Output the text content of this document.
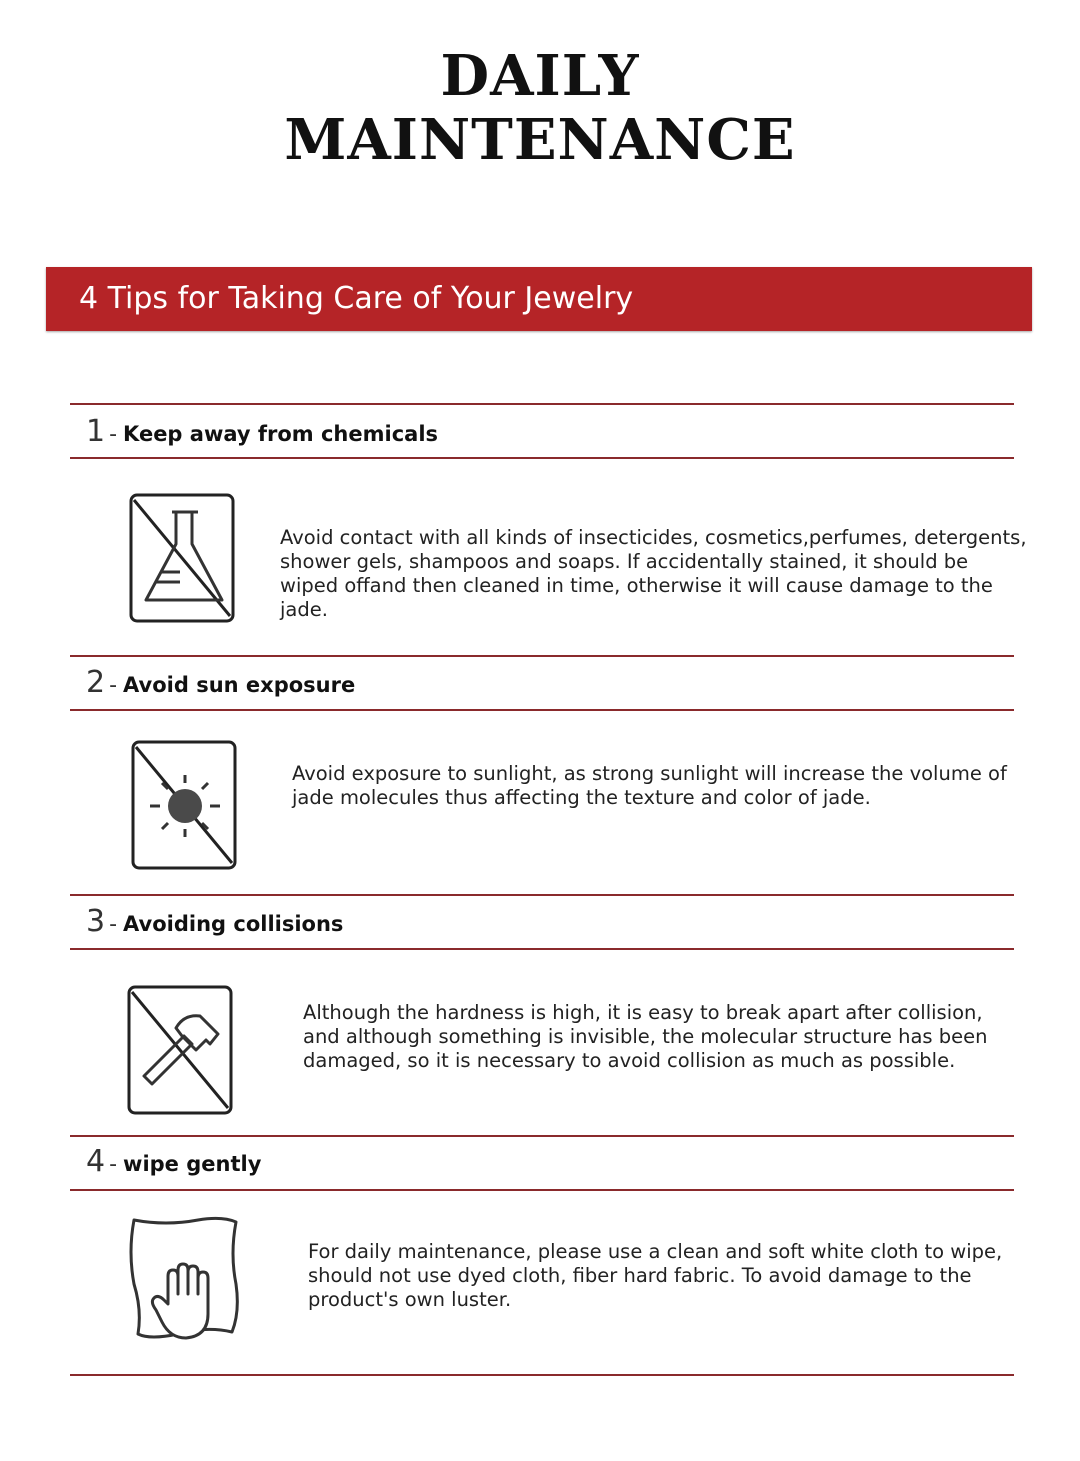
DAILY
MAINTENANCE
4 Tips for Taking Care of Your Jewelry
1 - Keep away from chemicals
Avoid contact with all kinds of insecticides, cosmetics,perfumes, detergents, shower gels, shampoos and soaps. If accidentally stained, it should be wiped offand then cleaned in time, otherwise it will cause damage to the jade.
2 - Avoid sun exposure
Avoid exposure to sunlight, as strong sunlight will increase the volume of jade molecules thus affecting the texture and color of jade.
3 - Avoiding collisions
Although the hardness is high, it is easy to break apart after collision, and although something is invisible, the molecular structure has been damaged, so it is necessary to avoid collision as much as possible.
4 - wipe gently
For daily maintenance, please use a clean and soft white cloth to wipe, should not use dyed cloth, fiber hard fabric. To avoid damage to the product's own luster.
